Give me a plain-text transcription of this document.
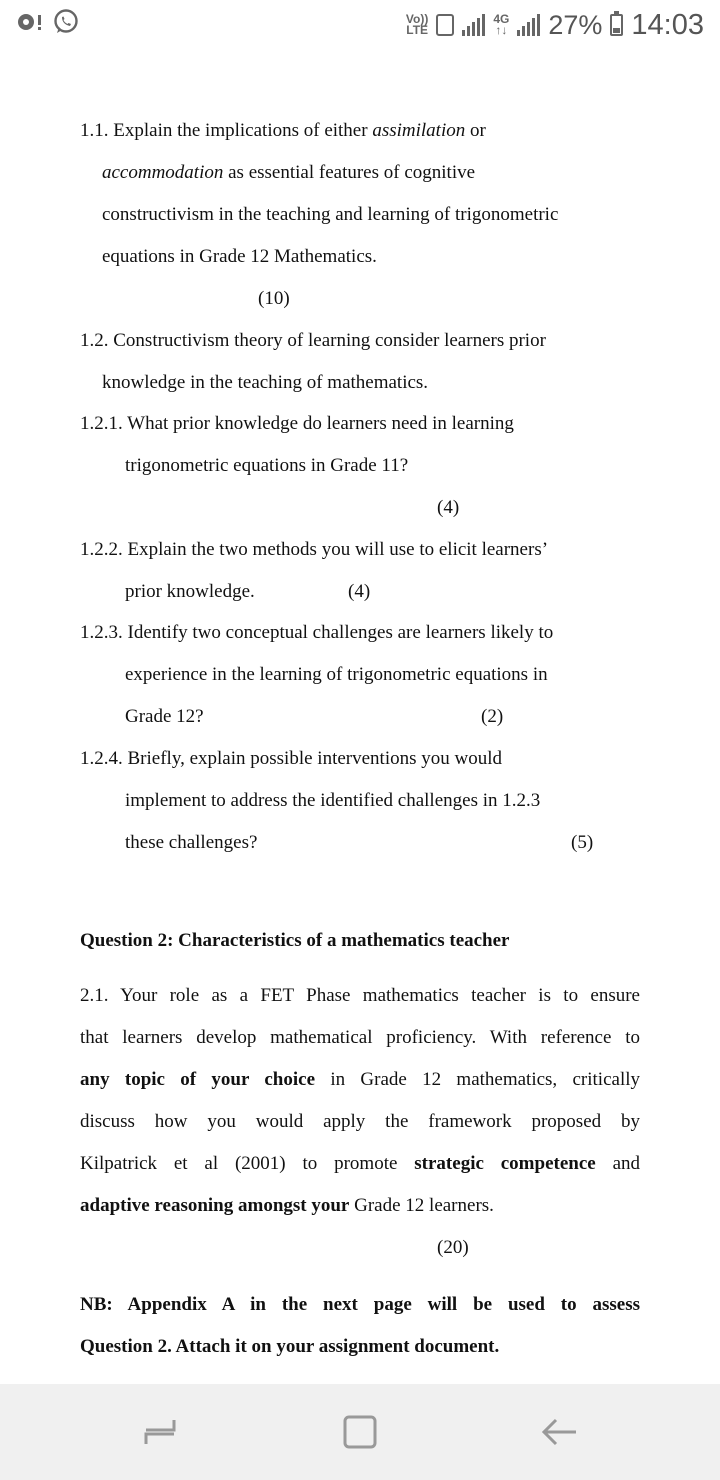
1.1. Explain the implications of either assimilation or
accommodation as essential features of cognitive
constructivism in the teaching and learning of trigonometric
equations in Grade 12 Mathematics.
(10)
1.2. Constructivism theory of learning consider learners prior
knowledge in the teaching of mathematics.
1.2.1. What prior knowledge do learners need in learning
trigonometric equations in Grade 11?
(4)
1.2.2. Explain the two methods you will use to elicit learners’
prior knowledge.	(4)
1.2.3. Identify two conceptual challenges are learners likely to
experience in the learning of trigonometric equations in
Grade 12?	(2)
1.2.4. Briefly, explain possible interventions you would
implement to address the identified challenges in 1.2.3
these challenges?	(5)
Question 2: Characteristics of a mathematics teacher
2.1. Your role as a FET Phase mathematics teacher is to ensure
that learners develop mathematical proficiency. With reference to
any topic of your choice in Grade 12 mathematics, critically
discuss how you would apply the framework proposed by
Kilpatrick et al (2001) to promote strategic competence and
adaptive reasoning amongst your Grade 12 learners.
(20)
NB: Appendix A in the next page will be used to assess
Question 2. Attach it on your assignment document.
Vo))
LTE
4G
↑↓ 27% 14:03
